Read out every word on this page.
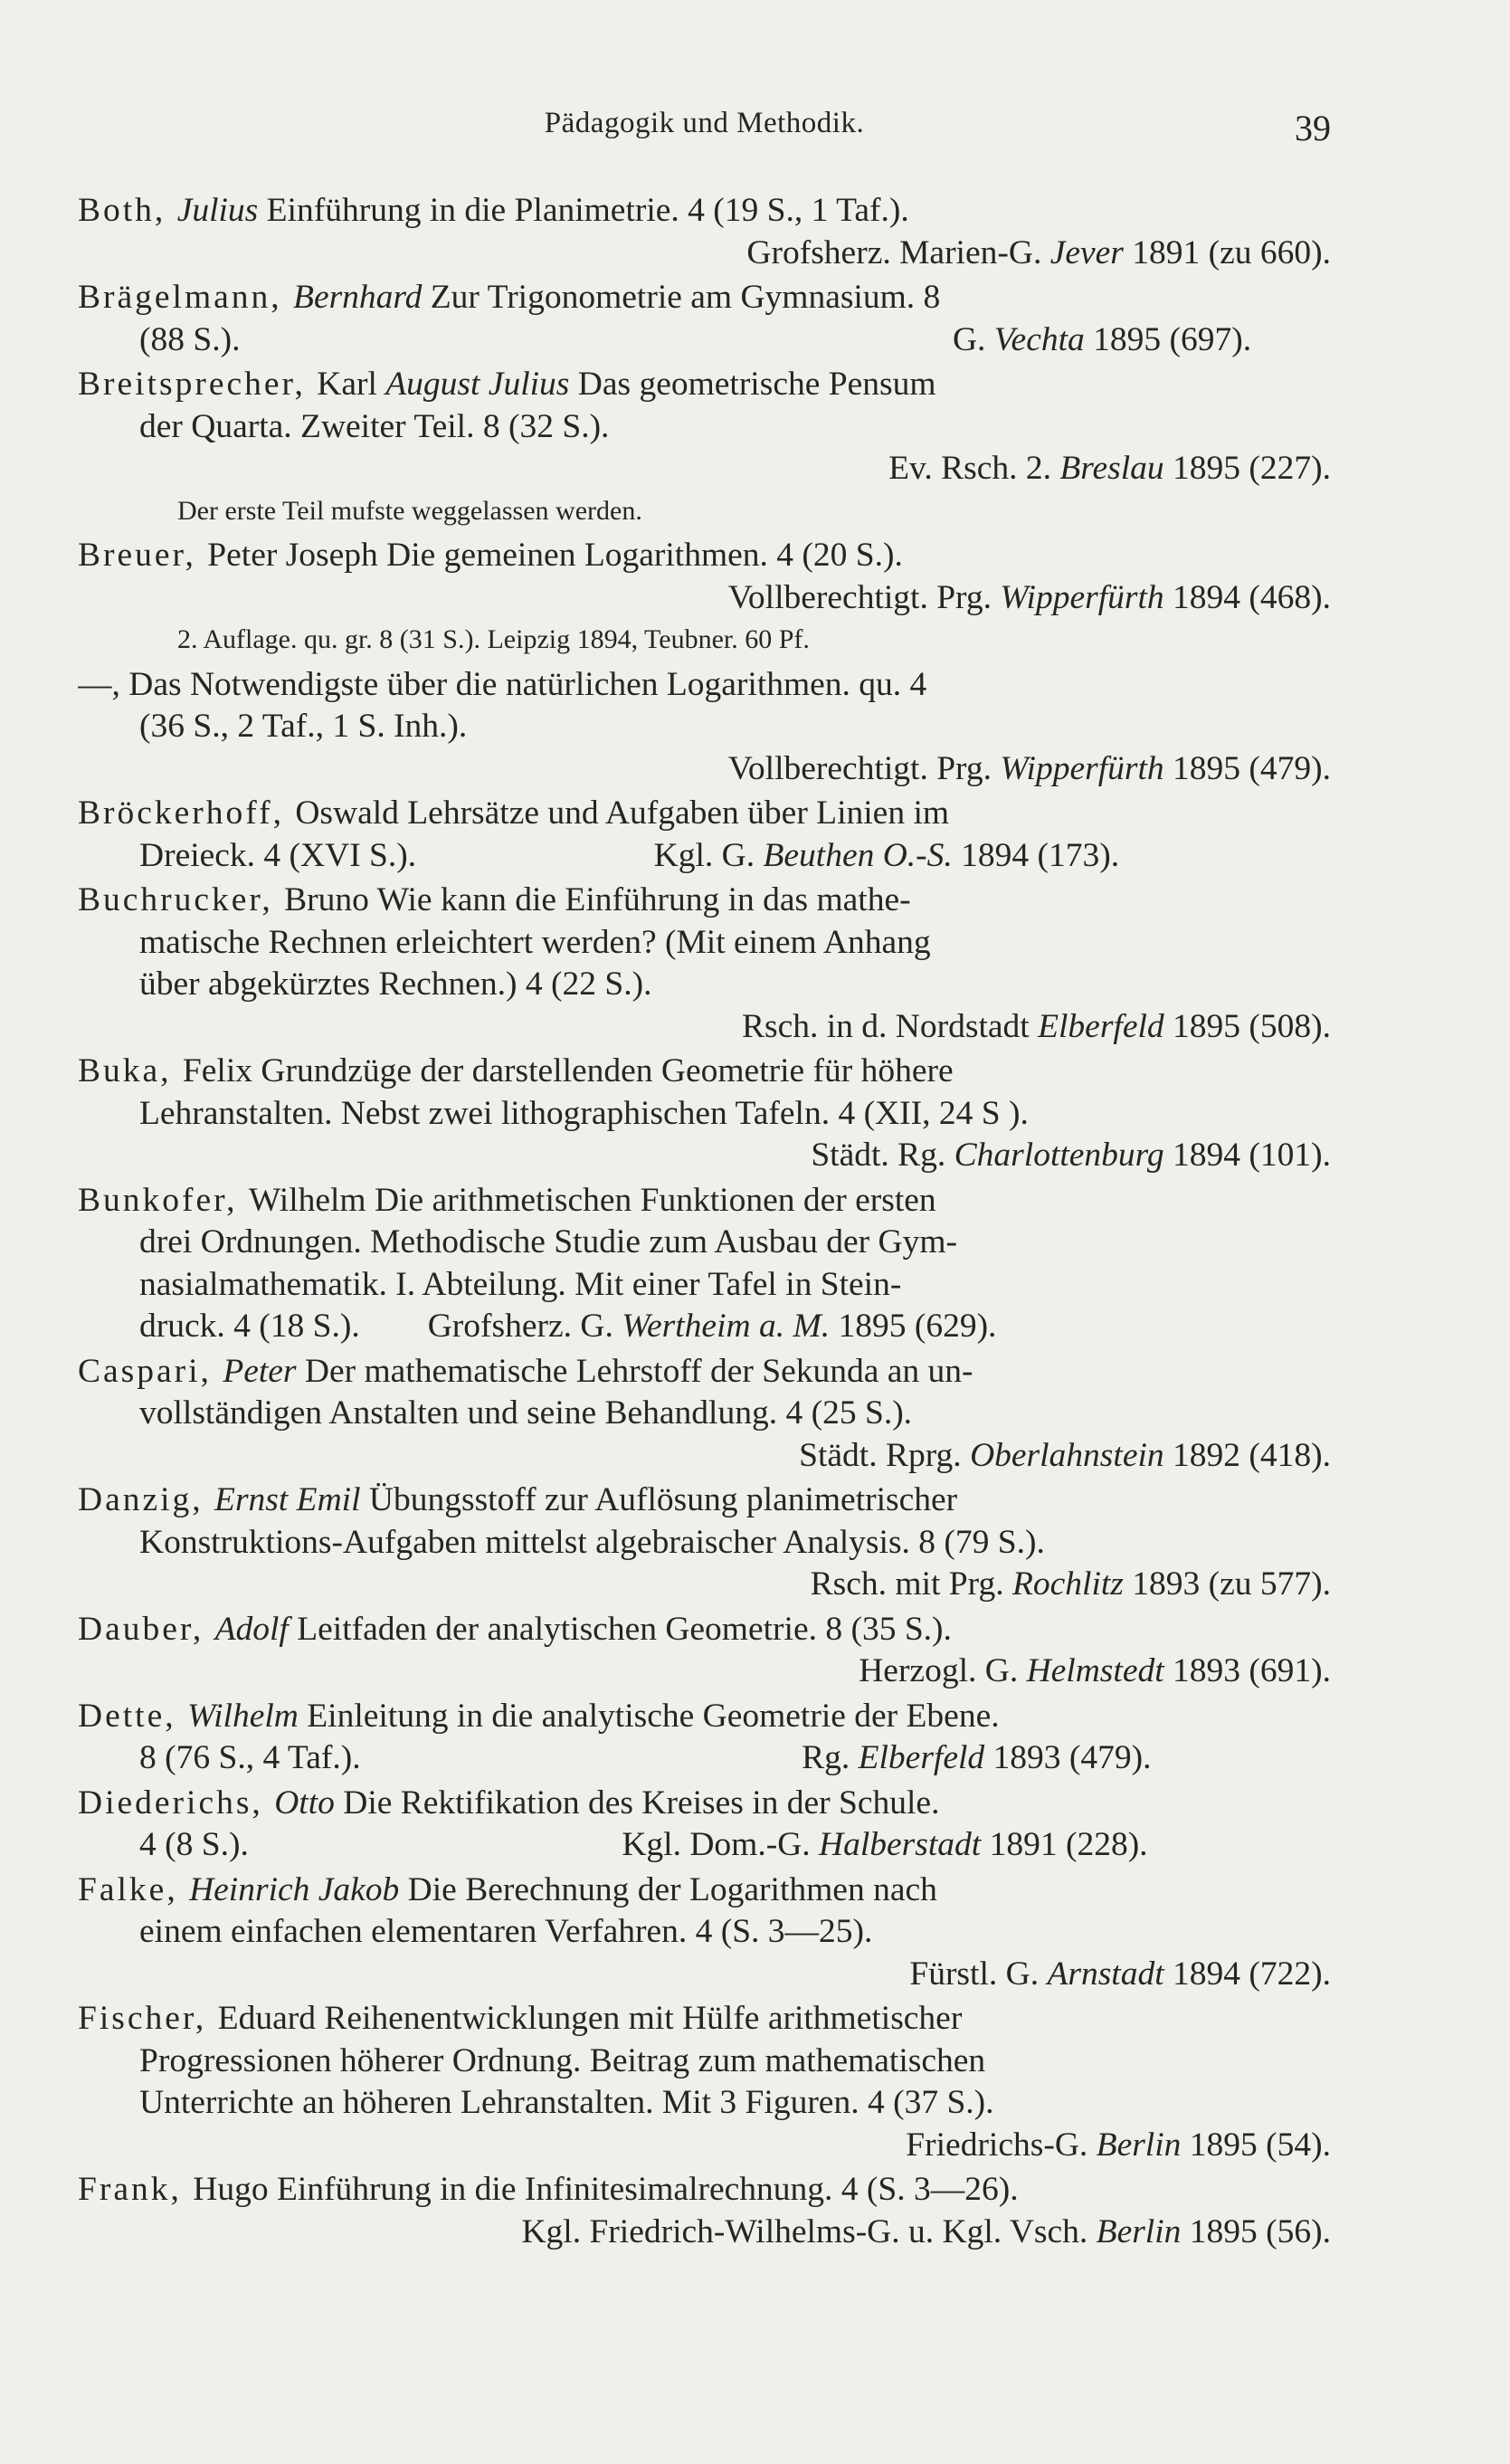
Pädagogik und Methodik.	39
Both, Julius Einführung in die Planimetrie. 4 (19 S., 1 Taf.).
Grofsherz. Marien-G. Jever 1891 (zu 660).
Brägelmann, Bernhard Zur Trigonometrie am Gymnasium. 8
(88 S.).                     G. Vechta 1895 (697).
Breitsprecher, Karl August Julius Das geometrische Pensum
der Quarta. Zweiter Teil. 8 (32 S.).
Ev. Rsch. 2. Breslau 1895 (227).
Der erste Teil mufste weggelassen werden.
Breuer, Peter Joseph Die gemeinen Logarithmen. 4 (20 S.).
Vollberechtigt. Prg. Wipperfürth 1894 (468).
2. Auflage. qu. gr. 8 (31 S.). Leipzig 1894, Teubner. 60 Pf.
—, Das Notwendigste über die natürlichen Logarithmen. qu. 4
(36 S., 2 Taf., 1 S. Inh.).
Vollberechtigt. Prg. Wipperfürth 1895 (479).
Bröckerhoff, Oswald Lehrsätze und Aufgaben über Linien im
Dreieck. 4 (XVI S.).       Kgl. G. Beuthen O.-S. 1894 (173).
Buchrucker, Bruno Wie kann die Einführung in das mathe-
matische Rechnen erleichtert werden? (Mit einem Anhang
über abgekürztes Rechnen.) 4 (22 S.).
Rsch. in d. Nordstadt Elberfeld 1895 (508).
Buka, Felix Grundzüge der darstellenden Geometrie für höhere
Lehranstalten. Nebst zwei lithographischen Tafeln. 4 (XII, 24 S ).
Städt. Rg. Charlottenburg 1894 (101).
Bunkofer, Wilhelm Die arithmetischen Funktionen der ersten
drei Ordnungen. Methodische Studie zum Ausbau der Gym-
nasialmathematik. I. Abteilung. Mit einer Tafel in Stein-
druck. 4 (18 S.).  Grofsherz. G. Wertheim a. M. 1895 (629).
Caspari, Peter Der mathematische Lehrstoff der Sekunda an un-
vollständigen Anstalten und seine Behandlung. 4 (25 S.).
Städt. Rprg. Oberlahnstein 1892 (418).
Danzig, Ernst Emil Übungsstoff zur Auflösung planimetrischer
Konstruktions-Aufgaben mittelst algebraischer Analysis. 8 (79 S.).
Rsch. mit Prg. Rochlitz 1893 (zu 577).
Dauber, Adolf Leitfaden der analytischen Geometrie. 8 (35 S.).
Herzogl. G. Helmstedt 1893 (691).
Dette, Wilhelm Einleitung in die analytische Geometrie der Ebene.
8 (76 S., 4 Taf.).             Rg. Elberfeld 1893 (479).
Diederichs, Otto Die Rektifikation des Kreises in der Schule.
4 (8 S.).           Kgl. Dom.-G. Halberstadt 1891 (228).
Falke, Heinrich Jakob Die Berechnung der Logarithmen nach
einem einfachen elementaren Verfahren. 4 (S. 3—25).
Fürstl. G. Arnstadt 1894 (722).
Fischer, Eduard Reihenentwicklungen mit Hülfe arithmetischer
Progressionen höherer Ordnung. Beitrag zum mathematischen
Unterrichte an höheren Lehranstalten. Mit 3 Figuren. 4 (37 S.).
Friedrichs-G. Berlin 1895 (54).
Frank, Hugo Einführung in die Infinitesimalrechnung. 4 (S. 3—26).
Kgl. Friedrich-Wilhelms-G. u. Kgl. Vsch. Berlin 1895 (56).
